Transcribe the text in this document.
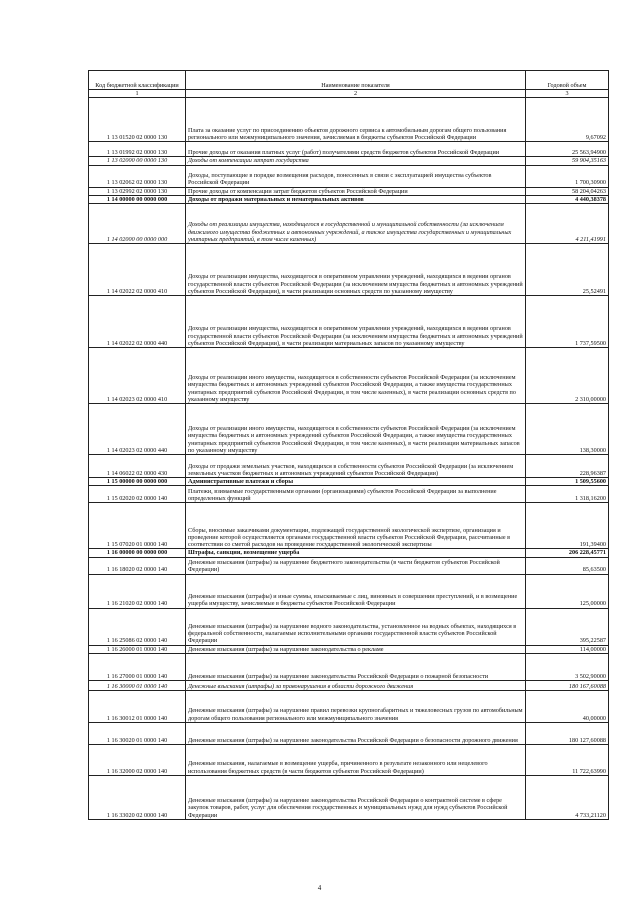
Код бюджетной классификации	Наименование показателя	Годовой объем
1	2	3
1 13 01520 02 0000 130	Плата за оказание услуг по присоединению объектов дорожного сервиса к автомобильным дорогам общего пользования регионального или межмуниципального значения, зачисляемая в бюджеты субъектов Российской Федерации	9,67092
1 13 01992 02 0000 130	Прочие доходы от оказания платных услуг (работ) получателями средств бюджетов субъектов Российской Федерации	25 563,94900
1 13 02000 00 0000 130	Доходы от компенсации затрат государства	59 904,35163
1 13 02062 02 0000 130	Доходы, поступающие в порядке возмещения расходов, понесенных в связи с эксплуатацией имущества субъектов Российской Федерации	1 700,30900
1 13 02992 02 0000 130	Прочие доходы от компенсации затрат бюджетов субъектов Российской Федерации	58 204,04263
1 14 00000 00 0000 000	Доходы от продажи материальных и нематериальных активов	4 440,38378
1 14 02000 00 0000 000	Доходы от реализации имущества, находящегося в государственной и муниципальной собственности (за исключением движимого имущества бюджетных и автономных учреждений, а также имущества государственных и муниципальных унитарных предприятий, в том числе казенных)	4 211,41991
1 14 02022 02 0000 410	Доходы от реализации имущества, находящегося в оперативном управлении учреждений, находящихся в ведении органов государственной власти субъектов Российской Федерации (за исключением имущества бюджетных и автономных учреждений субъектов Российской Федерации), в части реализации основных средств по указанному имуществу	25,52491
1 14 02022 02 0000 440	Доходы от реализации имущества, находящегося в оперативном управлении учреждений, находящихся в ведении органов государственной власти субъектов Российской Федерации (за исключением имущества бюджетных и автономных учреждений субъектов Российской Федерации), в части реализации материальных запасов по указанному имуществу	1 737,59500
1 14 02023 02 0000 410	Доходы от реализации иного имущества, находящегося в собственности субъектов Российской Федерации (за исключением имущества бюджетных и автономных учреждений субъектов Российской Федерации, а также имущества государственных унитарных предприятий субъектов Российской Федерации, в том числе казенных), в части реализации основных средств по указанному имуществу	2 310,00000
1 14 02023 02 0000 440	Доходы от реализации иного имущества, находящегося в собственности субъектов Российской Федерации (за исключением имущества бюджетных и автономных учреждений субъектов Российской Федерации, а также имущества государственных унитарных предприятий субъектов Российской Федерации, в том числе казенных), в части реализации материальных запасов по указанному имуществу	138,30000
1 14 06022 02 0000 430	Доходы от продажи земельных участков, находящихся в собственности субъектов Российской Федерации (за исключением земельных участков бюджетных и автономных учреждений субъектов Российской Федерации)	228,96387
1 15 00000 00 0000 000	Административные платежи и сборы	1 509,55600
1 15 02020 02 0000 140	Платежи, взимаемые государственными органами (организациями) субъектов Российской Федерации за выполнение определенных функций	1 318,16200
1 15 07020 01 0000 140	Сборы, вносимые заказчиками документации, подлежащей государственной экологической экспертизе, организация и проведение которой осуществляется органами государственной власти субъектов Российской Федерации, рассчитанные в соответствии со сметой расходов на проведение государственной экологической экспертизы	191,39400
1 16 00000 00 0000 000	Штрафы, санкции, возмещение ущерба	206 228,45771
1 16 18020 02 0000 140	Денежные взыскания (штрафы) за нарушение бюджетного законодательства (в части бюджетов субъектов Российской Федерации)	85,63500
1 16 21020 02 0000 140	Денежные взыскания (штрафы) и иные суммы, взыскиваемые с лиц, виновных в совершении преступлений, и в возмещение ущерба имуществу, зачисляемые в бюджеты субъектов Российской Федерации	125,00000
1 16 25086 02 0000 140	Денежные взыскания (штрафы) за нарушение водного законодательства, установленное на водных объектах, находящихся в федеральной собственности, налагаемые исполнительными органами государственной власти субъектов Российской Федерации	395,22587
1 16 26000 01 0000 140	Денежные взыскания (штрафы) за нарушение законодательства о рекламе	114,00000
1 16 27000 01 0000 140	Денежные взыскания (штрафы) за нарушение законодательства Российской Федерации о пожарной безопасности	3 502,90000
1 16 30000 01 0000 140	Денежные взыскания (штрафы) за правонарушения в области дорожного движения	180 167,60088
1 16 30012 01 0000 140	Денежные взыскания (штрафы) за нарушение правил перевозки крупногабаритных и тяжеловесных грузов по автомобильным дорогам общего пользования регионального или межмуниципального значения	40,00000
1 16 30020 01 0000 140	Денежные взыскания (штрафы) за нарушение законодательства Российской Федерации о безопасности дорожного движения	180 127,60088
1 16 32000 02 0000 140	Денежные взыскания, налагаемые в возмещение ущерба, причиненного в результате незаконного или нецелевого использования бюджетных средств (в части бюджетов субъектов Российской Федерации)	11 722,63990
1 16 33020 02 0000 140	Денежные взыскания (штрафы) за нарушение законодательства Российской Федерации о контрактной системе в сфере закупок товаров, работ, услуг для обеспечения государственных и муниципальных нужд для нужд субъектов Российской Федерации	4 733,21120
4
